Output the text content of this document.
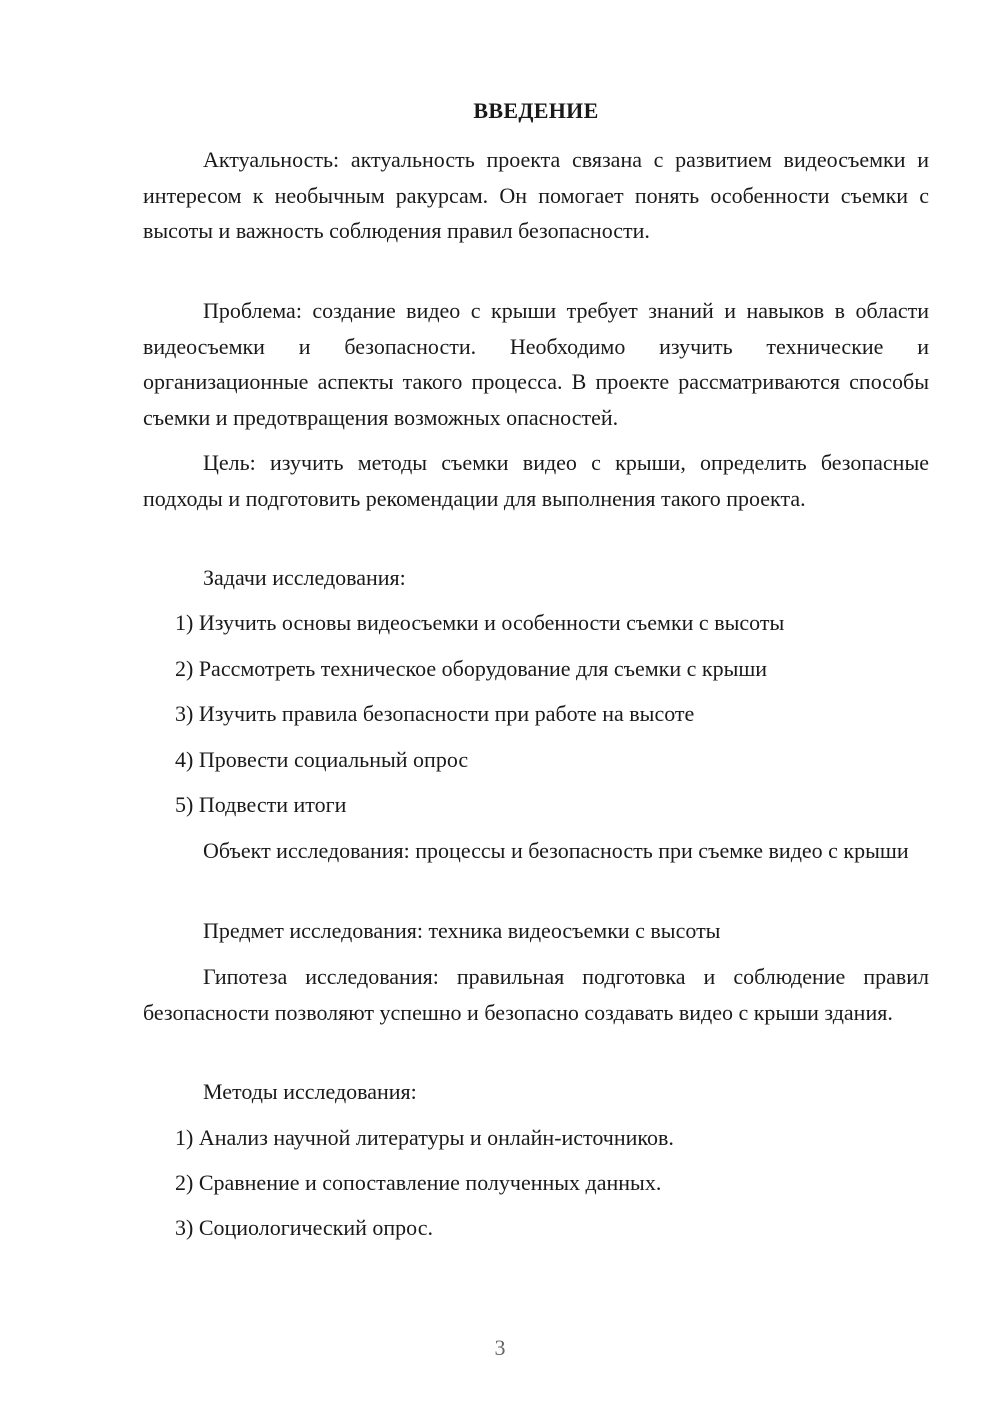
ВВЕДЕНИЕ

Актуальность: актуальность проекта связана с развитием видеосъемки и интересом к необычным ракурсам. Он помогает понять особенности съемки с высоты и важность соблюдения правил безопасности.

Проблема: создание видео с крыши требует знаний и навыков в области видеосъемки и безопасности. Необходимо изучить технические и организационные аспекты такого процесса. В проекте рассматриваются способы съемки и предотвращения возможных опасностей.

Цель: изучить методы съемки видео с крыши, определить безопасные подходы и подготовить рекомендации для выполнения такого проекта.

Задачи исследования:
1) Изучить основы видеосъемки и особенности съемки с высоты
2) Рассмотреть техническое оборудование для съемки с крыши
3) Изучить правила безопасности при работе на высоте
4) Провести социальный опрос
5) Подвести итоги

Объект исследования: процессы и безопасность при съемке видео с крыши

Предмет исследования: техника видеосъемки с высоты

Гипотеза исследования: правильная подготовка и соблюдение правил безопасности позволяют успешно и безопасно создавать видео с крыши здания.

Методы исследования:
1) Анализ научной литературы и онлайн-источников.
2) Сравнение и сопоставление полученных данных.
3) Социологический опрос.
3
